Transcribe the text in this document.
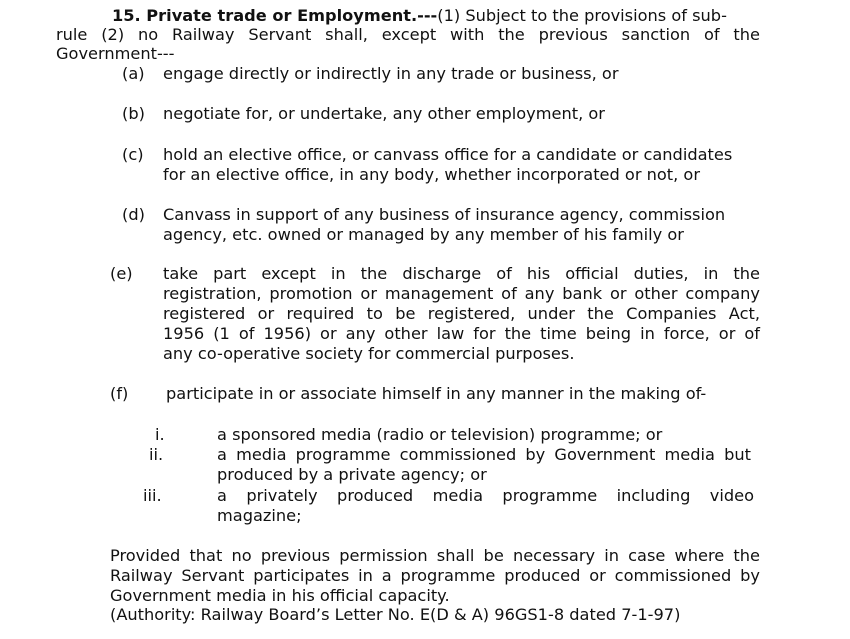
15. Private trade or Employment.---(1) Subject to the provisions of sub-
rule (2) no Railway Servant shall, except with the previous sanction of the
Government---
(a) engage directly or indirectly in any trade or business, or
(b) negotiate for, or undertake, any other employment, or
(c) hold an elective office, or canvass office for a candidate or candidates
for an elective office, in any body, whether incorporated or not, or
(d) Canvass in support of any business of insurance agency, commission
agency, etc. owned or managed by any member of his family or
(e) take part except in the discharge of his official duties, in the
registration, promotion or management of any bank or other company
registered or required to be registered, under the Companies Act,
1956 (1 of 1956) or any other law for the time being in force, or of
any co-operative society for commercial purposes.
(f) participate in or associate himself in any manner in the making of-
i.	a sponsored media (radio or television) programme; or
ii.	a media programme commissioned by Government media but
produced by a private agency; or
iii.	a privately produced media programme including video
magazine;
Provided that no previous permission shall be necessary in case where the
Railway Servant participates in a programme produced or commissioned by
Government media in his official capacity.
(Authority: Railway Board’s Letter No. E(D & A) 96GS1-8 dated 7-1-97)
